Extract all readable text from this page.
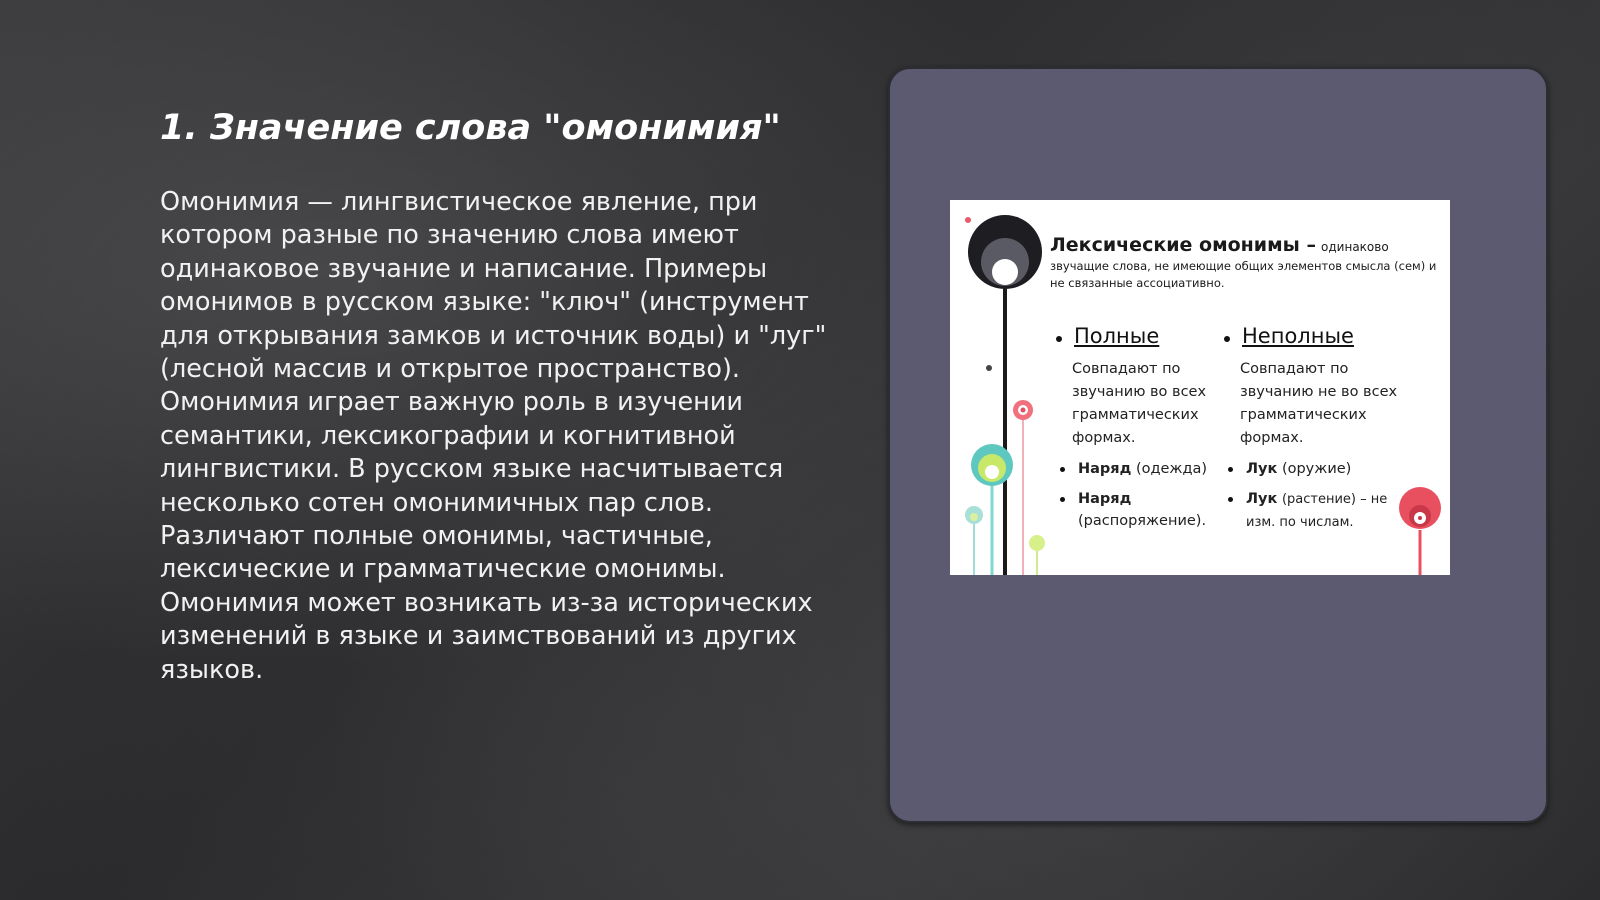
1. Значение слова "омонимия"

Омонимия — лингвистическое явление, при котором разные по значению слова имеют одинаковое звучание и написание. Примеры омонимов в русском языке: "ключ" (инструмент для открывания замков и источник воды) и "луг" (лесной массив и открытое пространство). Омонимия играет важную роль в изучении семантики, лексикографии и когнитивной лингвистики. В русском языке насчитывается несколько сотен омонимичных пар слов. Различают полные омонимы, частичные, лексические и грамматические омонимы. Омонимия может возникать из-за исторических изменений в языке и заимствований из других языков.

Лексические омонимы – одинаково
звучащие слова, не имеющие общих элементов смысла (сем) и не связанные ассоциативно.
Полные
Совпадают по звучанию во всех грамматических формах.
Наряд (одежда)
Наряд (распоряжение).
Неполные
Совпадают по звучанию не во всех грамматических формах.
Лук (оружие)
Лук (растение) – не изм. по числам.
